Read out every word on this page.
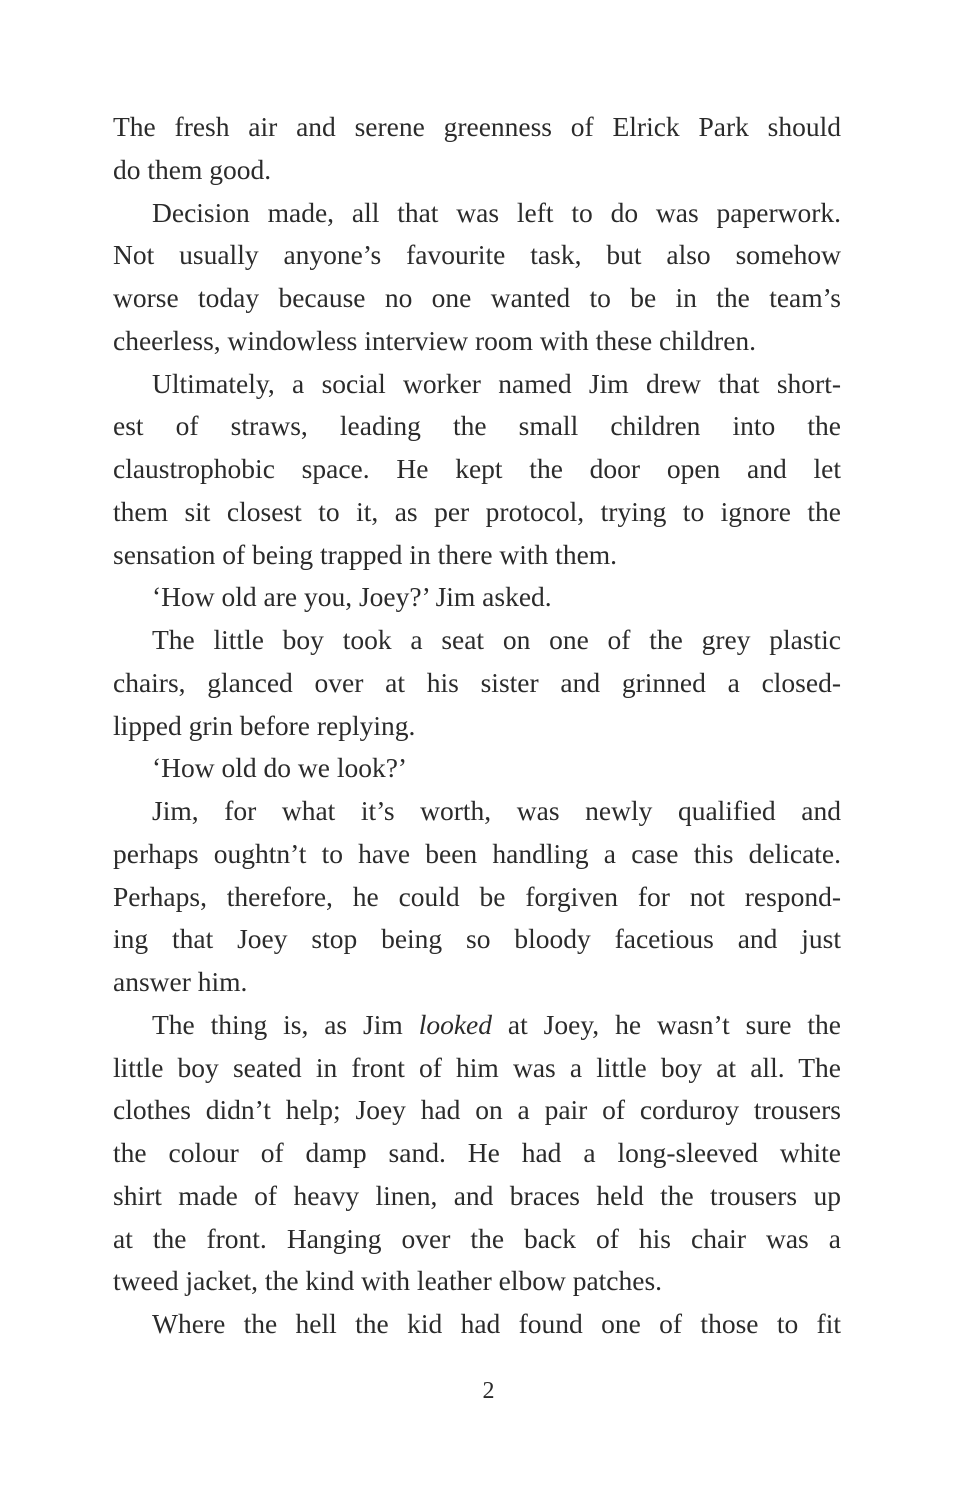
The fresh air and serene greenness of Elrick Park should
do them good.
Decision made, all that was left to do was paperwork.
Not usually anyone’s favourite task, but also somehow
worse today because no one wanted to be in the team’s
cheerless, windowless interview room with these children.
Ultimately, a social worker named Jim drew that short-
est of straws, leading the small children into the
claustrophobic space. He kept the door open and let
them sit closest to it, as per protocol, trying to ignore the
sensation of being trapped in there with them.
‘How old are you, Joey?’ Jim asked.
The little boy took a seat on one of the grey plastic
chairs, glanced over at his sister and grinned a closed-
lipped grin before replying.
‘How old do we look?’
Jim, for what it’s worth, was newly qualified and
perhaps oughtn’t to have been handling a case this delicate.
Perhaps, therefore, he could be forgiven for not respond-
ing that Joey stop being so bloody facetious and just
answer him.
The thing is, as Jim looked at Joey, he wasn’t sure the
little boy seated in front of him was a little boy at all. The
clothes didn’t help; Joey had on a pair of corduroy trousers
the colour of damp sand. He had a long-sleeved white
shirt made of heavy linen, and braces held the trousers up
at the front. Hanging over the back of his chair was a
tweed jacket, the kind with leather elbow patches.
Where the hell the kid had found one of those to fit
2
